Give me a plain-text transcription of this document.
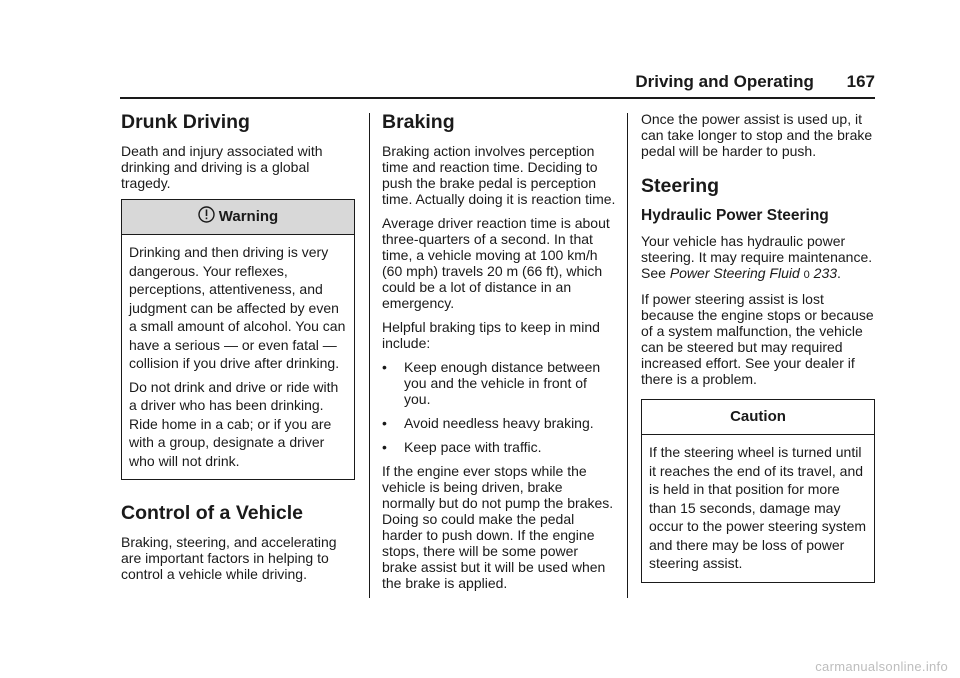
Driving and Operating 167
Drunk Driving

Death and injury associated with drinking and driving is a global tragedy.

Warning

Drinking and then driving is very dangerous. Your reflexes, perceptions, attentiveness, and judgment can be affected by even a small amount of alcohol. You can have a serious — or even fatal — collision if you drive after drinking.

Do not drink and drive or ride with a driver who has been drinking. Ride home in a cab; or if you are with a group, designate a driver who will not drink.

Control of a Vehicle

Braking, steering, and accelerating are important factors in helping to control a vehicle while driving.

Braking

Braking action involves perception time and reaction time. Deciding to push the brake pedal is perception time. Actually doing it is reaction time.

Average driver reaction time is about three-quarters of a second. In that time, a vehicle moving at 100 km/h (60 mph) travels 20 m (66 ft), which could be a lot of distance in an emergency.

Helpful braking tips to keep in mind include:

•	Keep enough distance between you and the vehicle in front of you.
•	Avoid needless heavy braking.
•	Keep pace with traffic.

If the engine ever stops while the vehicle is being driven, brake normally but do not pump the brakes. Doing so could make the pedal harder to push down. If the engine stops, there will be some power brake assist but it will be used when the brake is applied.

Once the power assist is used up, it can take longer to stop and the brake pedal will be harder to push.

Steering
Hydraulic Power Steering

Your vehicle has hydraulic power steering. It may require maintenance. See Power Steering Fluid 0 233.

If power steering assist is lost because the engine stops or because of a system malfunction, the vehicle can be steered but may required increased effort. See your dealer if there is a problem.

Caution

If the steering wheel is turned until it reaches the end of its travel, and is held in that position for more than 15 seconds, damage may occur to the power steering system and there may be loss of power steering assist.

carmanualsonline.info
